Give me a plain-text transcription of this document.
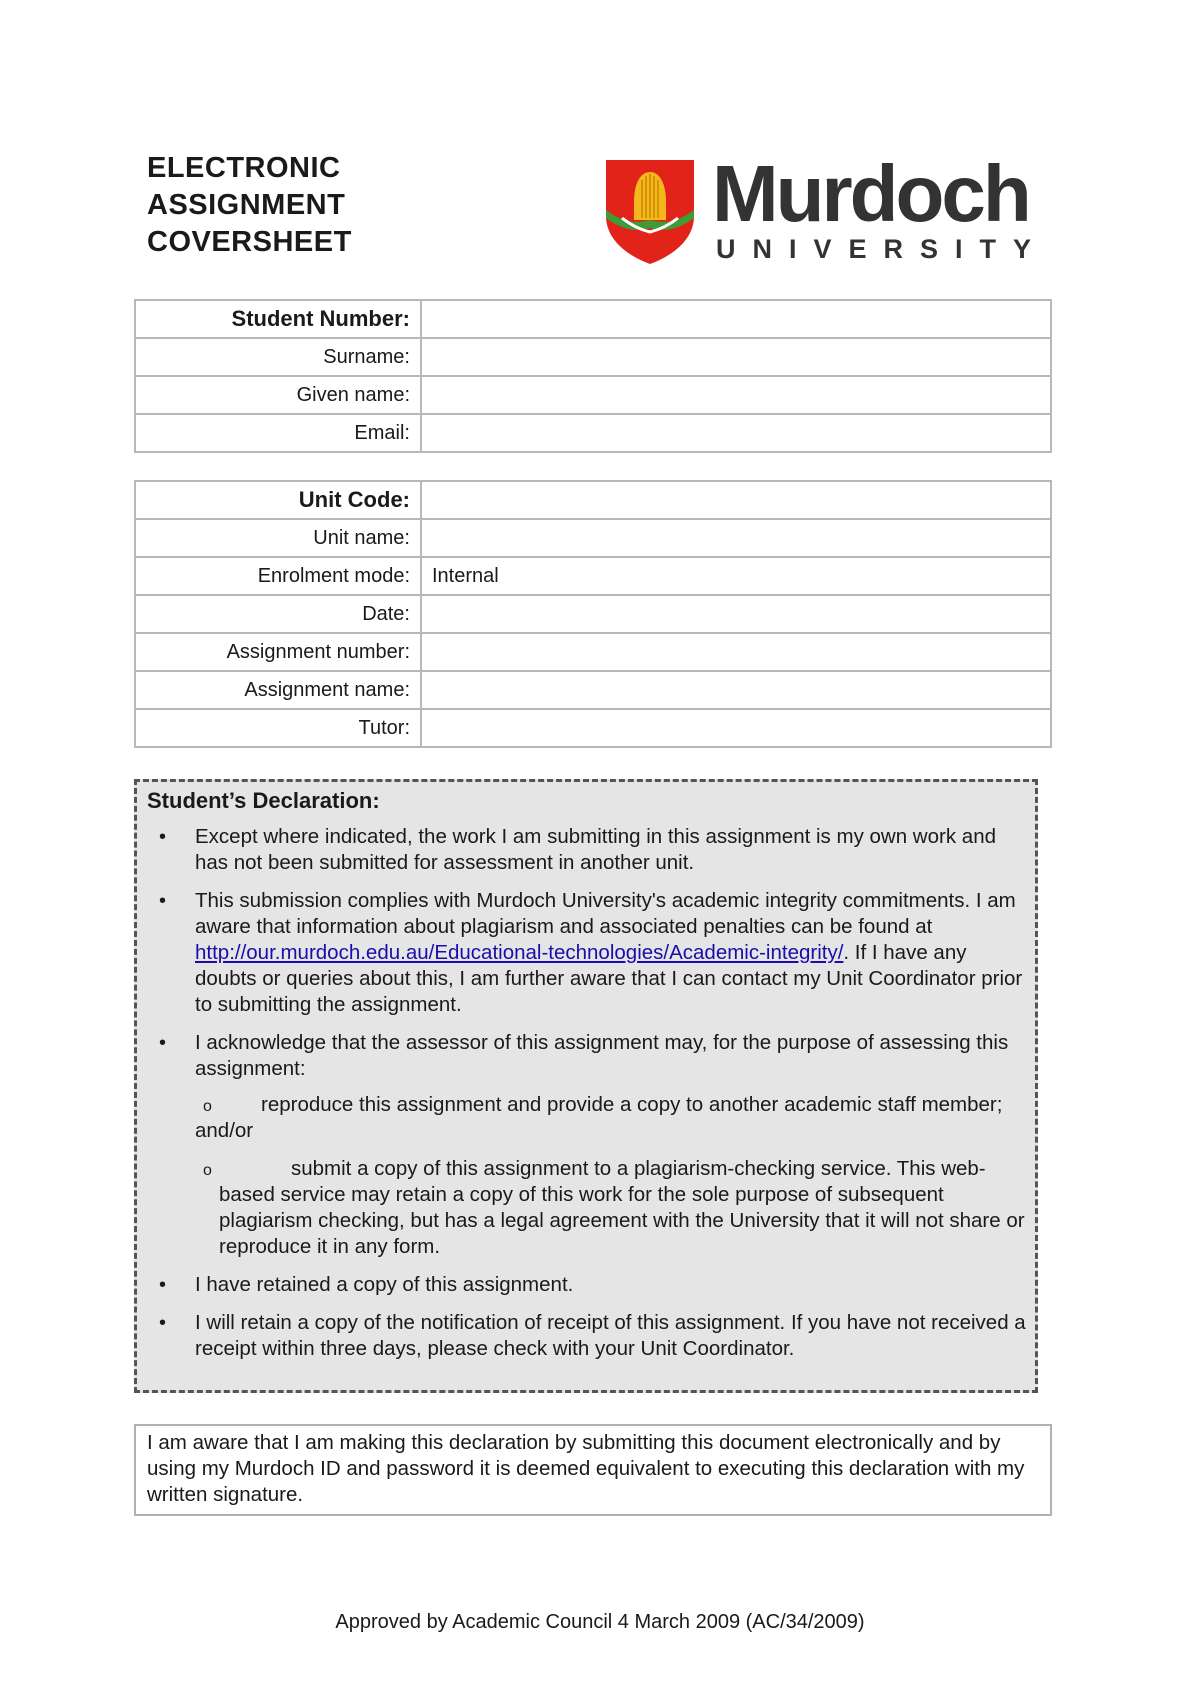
ELECTRONIC
ASSIGNMENT
COVERSHEET
Murdoch
UNIVERSITY
Student Number:	
Surname:	
Given name:	
Email:	
Unit Code:	
Unit name:	
Enrolment mode:	Internal
Date:	
Assignment number:	
Assignment name:	
Tutor:	
Student’s Declaration:
• Except where indicated, the work I am submitting in this assignment is my own work and has not been submitted for assessment in another unit.
• This submission complies with Murdoch University's academic integrity commitments. I am aware that information about plagiarism and associated penalties can be found at http://our.murdoch.edu.au/Educational-technologies/Academic-integrity/. If I have any doubts or queries about this, I am further aware that I can contact my Unit Coordinator prior to submitting the assignment.
• I acknowledge that the assessor of this assignment may, for the purpose of assessing this assignment:
o	reproduce this assignment and provide a copy to another academic staff member; and/or
o	submit a copy of this assignment to a plagiarism-checking service. This web-based service may retain a copy of this work for the sole purpose of subsequent plagiarism checking, but has a legal agreement with the University that it will not share or reproduce it in any form.
• I have retained a copy of this assignment.
• I will retain a copy of the notification of receipt of this assignment. If you have not received a receipt within three days, please check with your Unit Coordinator.
I am aware that I am making this declaration by submitting this document electronically and by using my Murdoch ID and password it is deemed equivalent to executing this declaration with my written signature.
Approved by Academic Council 4 March 2009 (AC/34/2009)
